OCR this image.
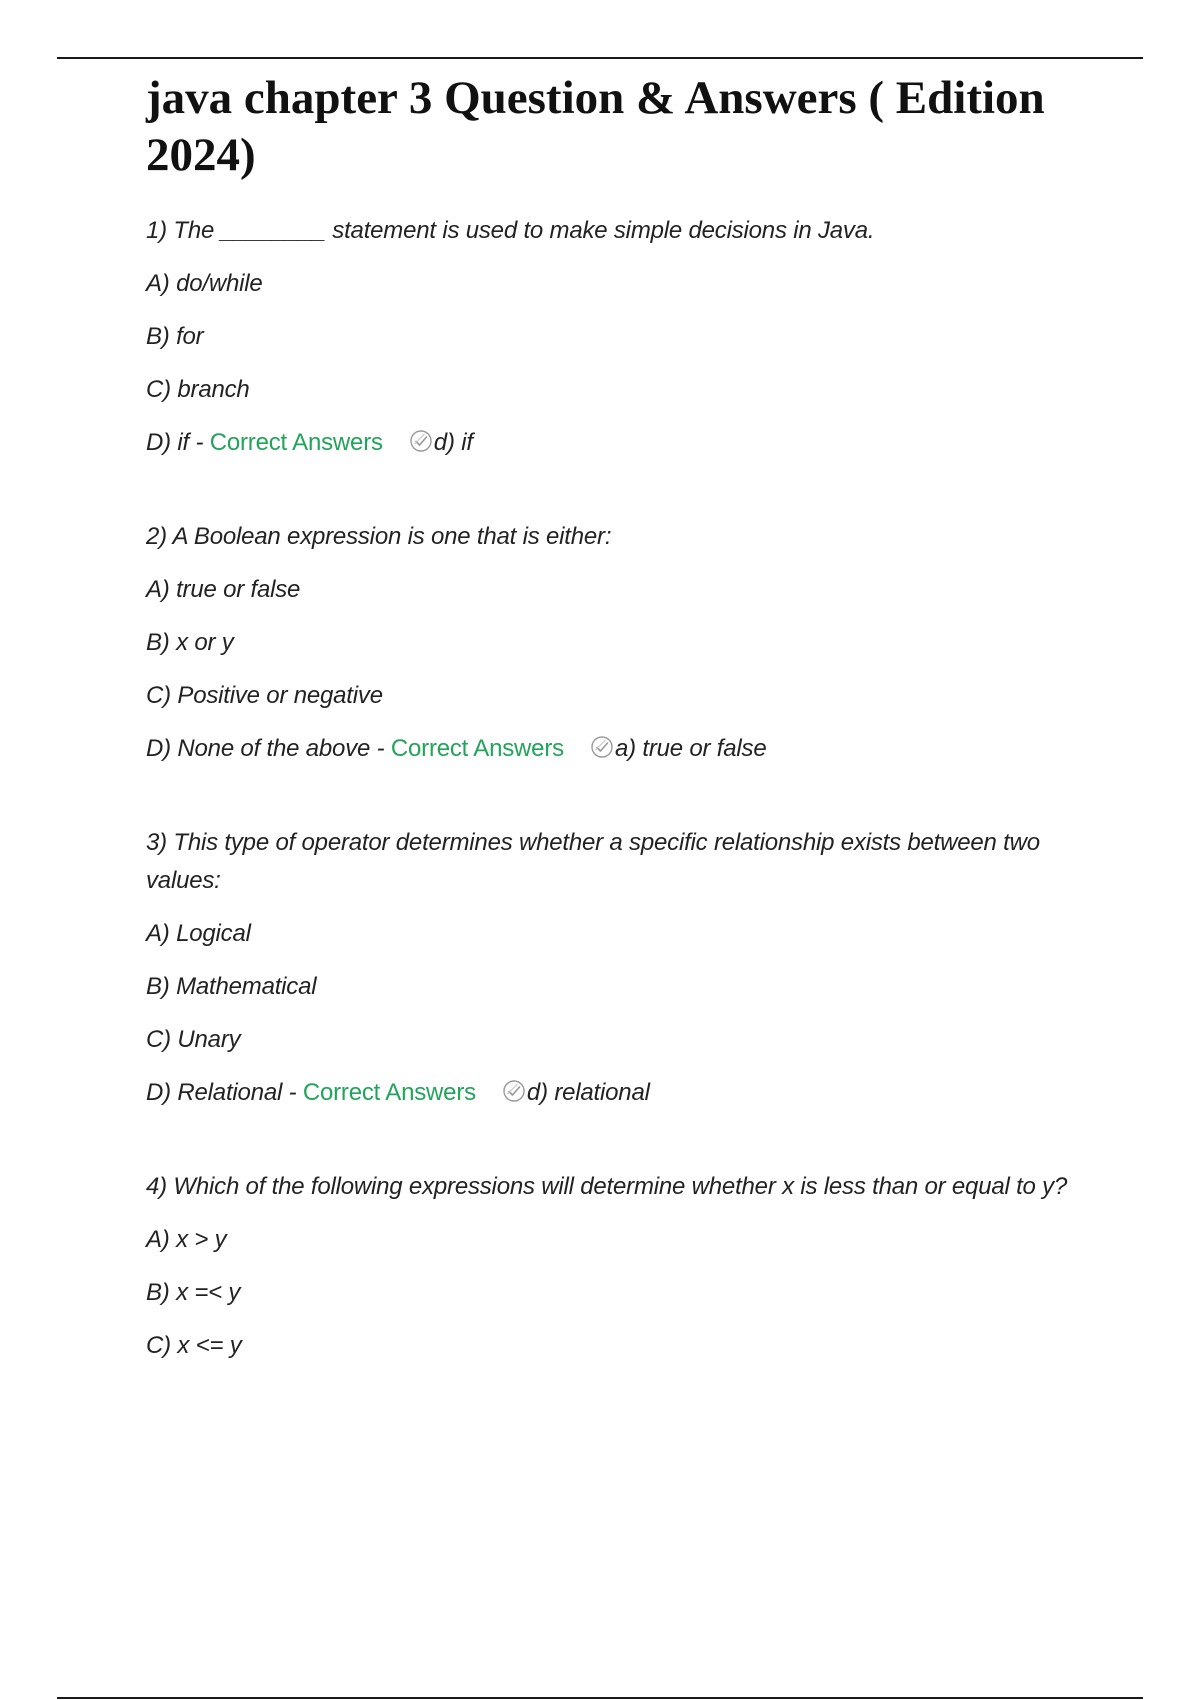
java chapter 3 Question & Answers ( Edition 2024)

1) The ________ statement is used to make simple decisions in Java.

A) do/while

B) for

C) branch

D) if - Correct Answers d) if

2) A Boolean expression is one that is either:

A) true or false

B) x or y

C) Positive or negative

D) None of the above - Correct Answers a) true or false

3) This type of operator determines whether a specific relationship exists between two values:

A) Logical

B) Mathematical

C) Unary

D) Relational - Correct Answers d) relational

4) Which of the following expressions will determine whether x is less than or equal to y?

A) x > y

B) x =< y

C) x <= y
